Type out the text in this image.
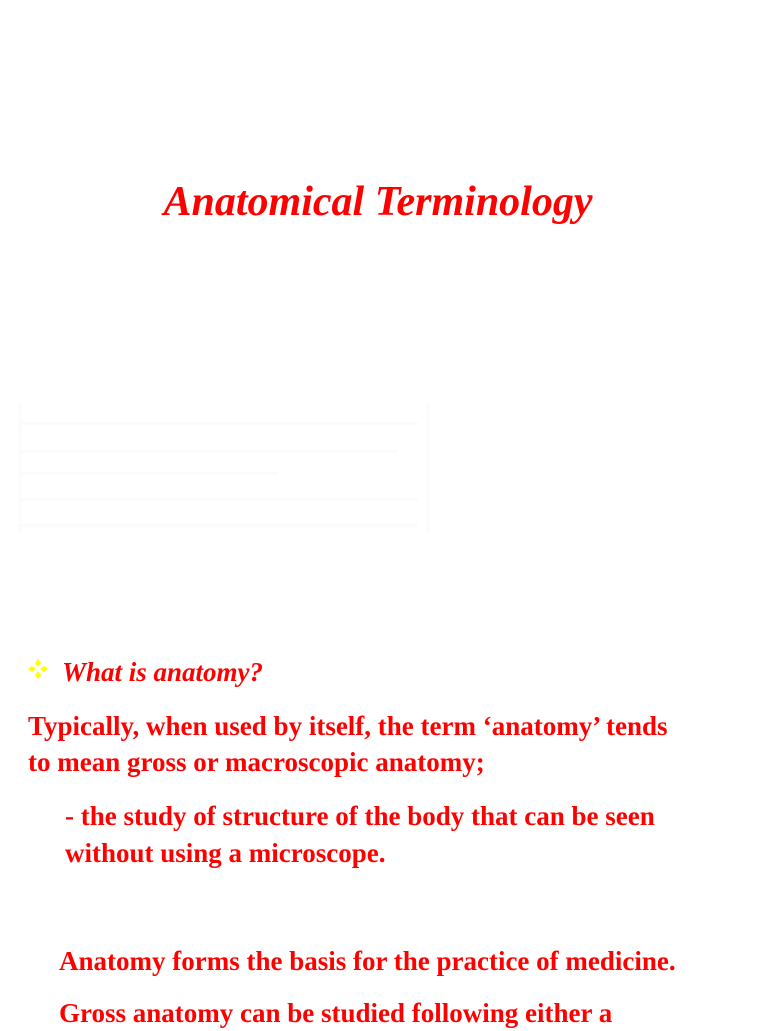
Anatomical Terminology
What is anatomy?
Typically, when used by itself, the term ‘anatomy’ tends
to mean gross or macroscopic anatomy;
- the study of structure of the body that can be seen
without using a microscope.
Anatomy forms the basis for the practice of medicine.
Gross anatomy can be studied following either a
